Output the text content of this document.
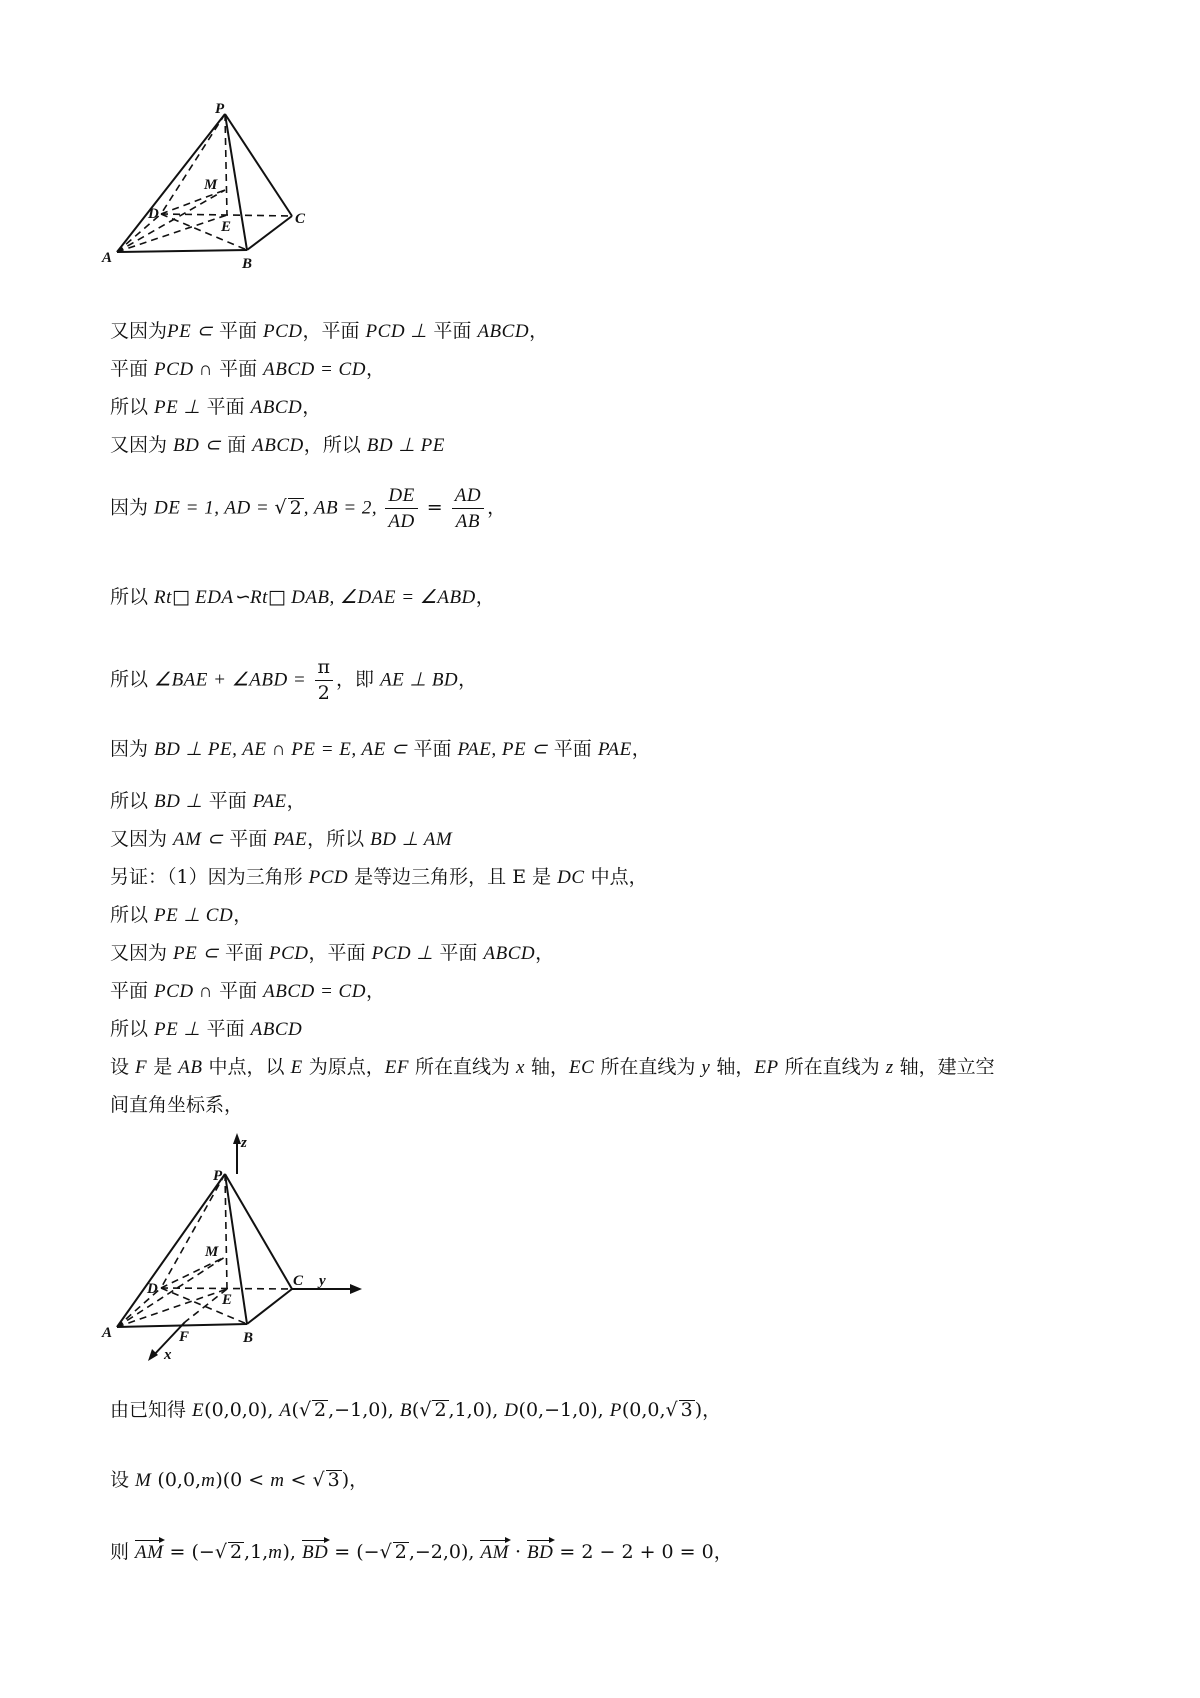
P
M
D	C
E
A	B
又因为PE ⊂ 平面 PCD，平面 PCD ⊥ 平面 ABCD，
平面 PCD ∩ 平面 ABCD = CD，
所以 PE ⊥ 平面 ABCD，
又因为 BD ⊂ 面 ABCD，所以 BD ⊥ PE
因为 DE = 1, AD = √ 2 , AB = 2, $\frac{DE}{AD} = \frac{AD}{AB}$ ，
所以 Rt□ EDA∽Rt□ DAB, ∠DAE = ∠ABD，
所以 ∠BAE + ∠ABD = $\frac{\pi}{2}$ ，即 AE ⊥ BD，
因为 BD ⊥ PE, AE ∩ PE = E, AE ⊂ 平面 PAE, PE ⊂ 平面 PAE，
所以 BD ⊥ 平面 PAE，
又因为 AM ⊂ 平面 PAE，所以 BD ⊥ AM
另证：（1）因为三角形 PCD 是等边三角形，且 E 是 DC 中点，
所以 PE ⊥ CD，
又因为 PE ⊂ 平面 PCD，平面 PCD ⊥ 平面 ABCD，
平面 PCD ∩ 平面 ABCD = CD，
所以 PE ⊥ 平面 ABCD
设 F 是 AB 中点，以 E 为原点，EF 所在直线为 x 轴，EC 所在直线为 y 轴，EP 所在直线为 z 轴，建立空
间直角坐标系，
z
P
M
D	C y
E
A	F	B
x
由已知得 E(0,0,0), A(√ 2 ,−1,0), B(√ 2 ,1,0), D(0,−1,0), P(0,0,√ 3 )，
设 M (0,0,m)(0 < m < √ 3 )，
则 AM = (−√ 2 ,1,m), BD = (−√ 2 ,−2,0), AM · BD = 2 − 2 + 0 = 0，
